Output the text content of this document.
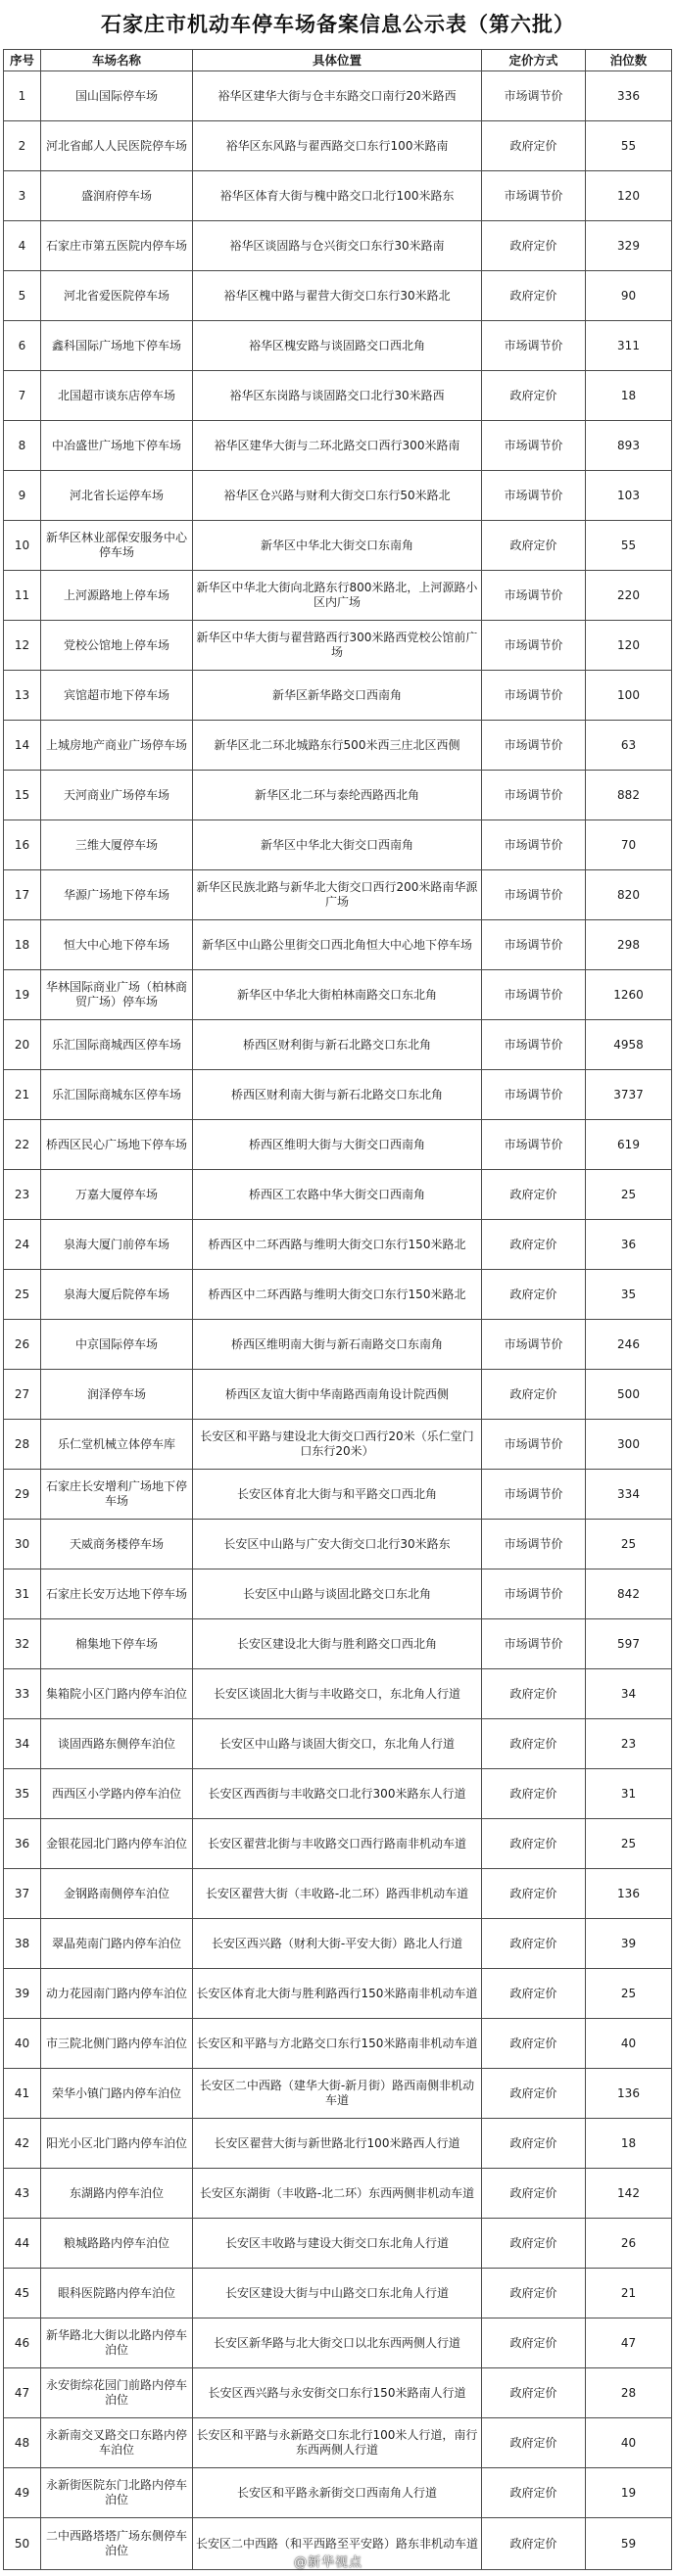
石家庄市机动车停车场备案信息公示表（第六批）
序号	车场名称	具体位置	定价方式	泊位数
1	国山国际停车场	裕华区建华大街与仓丰东路交口南行20米路西	市场调节价	336
2	河北省邮人人民医院停车场	裕华区东风路与翟西路交口东行100米路南	政府定价	55
3	盛润府停车场	裕华区体育大街与槐中路交口北行100米路东	市场调节价	120
4	石家庄市第五医院内停车场	裕华区谈固路与仓兴街交口东行30米路南	政府定价	329
5	河北省爱医院停车场	裕华区槐中路与翟营大街交口东行30米路北	政府定价	90
6	鑫科国际广场地下停车场	裕华区槐安路与谈固路交口西北角	市场调节价	311
7	北国超市谈东店停车场	裕华区东岗路与谈固路交口北行30米路西	政府定价	18
8	中冶盛世广场地下停车场	裕华区建华大街与二环北路交口西行300米路南	市场调节价	893
9	河北省长运停车场	裕华区仓兴路与财利大街交口东行50米路北	市场调节价	103
10	新华区林业部保安服务中心停车场	新华区中华北大街交口东南角	政府定价	55
11	上河源路地上停车场	新华区中华北大街向北路东行800米路北，上河源路小区内广场	市场调节价	220
12	党校公馆地上停车场	新华区中华大街与翟营路西行300米路西党校公馆前广场	市场调节价	120
13	宾馆超市地下停车场	新华区新华路交口西南角	市场调节价	100
14	上城房地产商业广场停车场	新华区北二环北城路东行500米西三庄北区西侧	市场调节价	63
15	天河商业广场停车场	新华区北二环与泰纶西路西北角	市场调节价	882
16	三维大厦停车场	新华区中华北大街交口西南角	市场调节价	70
17	华源广场地下停车场	新华区民族北路与新华北大街交口西行200米路南华源广场	市场调节价	820
18	恒大中心地下停车场	新华区中山路公里街交口西北角恒大中心地下停车场	市场调节价	298
19	华林国际商业广场（柏林商贸广场）停车场	新华区中华北大街柏林南路交口东北角	市场调节价	1260
20	乐汇国际商城西区停车场	桥西区财利街与新石北路交口东北角	市场调节价	4958
21	乐汇国际商城东区停车场	桥西区财利南大街与新石北路交口东北角	市场调节价	3737
22	桥西区民心广场地下停车场	桥西区维明大街与大街交口西南角	市场调节价	619
23	万嘉大厦停车场	桥西区工农路中华大街交口西南角	政府定价	25
24	泉海大厦门前停车场	桥西区中二环西路与维明大街交口东行150米路北	政府定价	36
25	泉海大厦后院停车场	桥西区中二环西路与维明大街交口东行150米路北	政府定价	35
26	中京国际停车场	桥西区维明南大街与新石南路交口东南角	市场调节价	246
27	润泽停车场	桥西区友谊大街中华南路西南角设计院西侧	政府定价	500
28	乐仁堂机械立体停车库	长安区和平路与建设北大街交口西行20米（乐仁堂门口东行20米）	市场调节价	300
29	石家庄长安增利广场地下停车场	长安区体育北大街与和平路交口西北角	市场调节价	334
30	天威商务楼停车场	长安区中山路与广安大街交口北行30米路东	市场调节价	25
31	石家庄长安万达地下停车场	长安区中山路与谈固北路交口东北角	市场调节价	842
32	棉集地下停车场	长安区建设北大街与胜利路交口西北角	市场调节价	597
33	集箱院小区门路内停车泊位	长安区谈固北大街与丰收路交口，东北角人行道	政府定价	34
34	谈固西路东侧停车泊位	长安区中山路与谈固大街交口，东北角人行道	政府定价	23
35	西西区小学路内停车泊位	长安区西西街与丰收路交口北行300米路东人行道	政府定价	31
36	金银花园北门路内停车泊位	长安区翟营北街与丰收路交口西行路南非机动车道	政府定价	25
37	金钢路南侧停车泊位	长安区翟营大街（丰收路-北二环）路西非机动车道	政府定价	136
38	翠晶苑南门路内停车泊位	长安区西兴路（财利大街-平安大街）路北人行道	政府定价	39
39	动力花园南门路内停车泊位	长安区体育北大街与胜利路西行150米路南非机动车道	政府定价	25
40	市三院北侧门路内停车泊位	长安区和平路与方北路交口东行150米路南非机动车道	政府定价	40
41	荣华小镇门路内停车泊位	长安区二中西路（建华大街-新月街）路西南侧非机动车道	政府定价	136
42	阳光小区北门路内停车泊位	长安区翟营大街与新世路北行100米路西人行道	政府定价	18
43	东湖路内停车泊位	长安区东湖街（丰收路-北二环）东西两侧非机动车道	政府定价	142
44	粮城路路内停车泊位	长安区丰收路与建设大街交口东北角人行道	政府定价	26
45	眼科医院路内停车泊位	长安区建设大街与中山路交口东北角人行道	政府定价	21
46	新华路北大街以北路内停车泊位	长安区新华路与北大街交口以北东西两侧人行道	政府定价	47
47	永安街综花园门前路内停车泊位	长安区西兴路与永安街交口东行150米路南人行道	政府定价	28
48	永新南交叉路交口东路内停车泊位	长安区和平路与永新路交口东北行100米人行道，南行东西两侧人行道	政府定价	40
49	永新街医院东门北路内停车泊位	长安区和平路永新街交口西南角人行道	政府定价	19
50	二中西路塔塔广场东侧停车泊位	长安区二中西路（和平西路至平安路）路东非机动车道	政府定价	59
@新华视点
